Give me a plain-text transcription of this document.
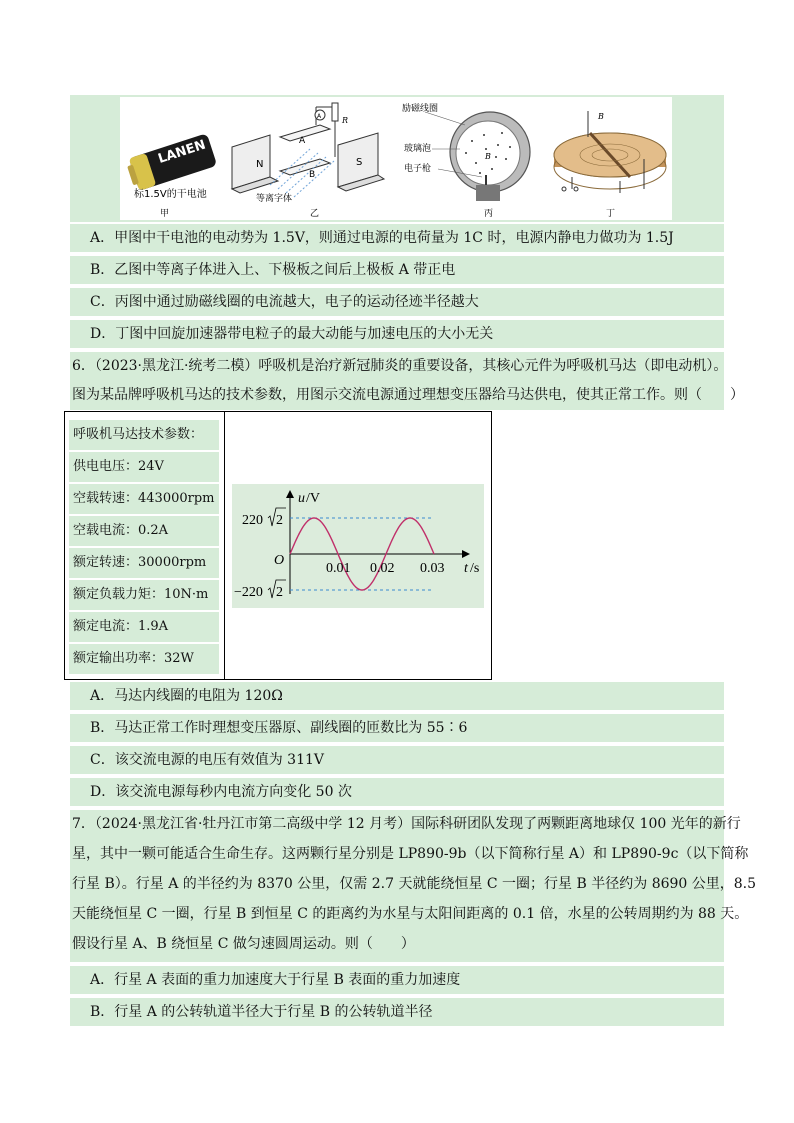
LANEN
标1.5V的干电池
甲
N	S
A
B
R
A
等离字体
乙
励磁线圈
玻璃泡
电子枪
B
丙
B
丁
A．甲图中干电池的电动势为 1.5V，则通过电源的电荷量为 1C 时，电源内静电力做功为 1.5J
B．乙图中等离子体进入上、下极板之间后上极板 A 带正电
C．丙图中通过励磁线圈的电流越大，电子的运动径迹半径越大
D．丁图中回旋加速器带电粒子的最大动能与加速电压的大小无关
6．（2023·黑龙江·统考二模）呼吸机是治疗新冠肺炎的重要设备，其核心元件为呼吸机马达（即电动机）。
图为某品牌呼吸机马达的技术参数，用图示交流电源通过理想变压器给马达供电，使其正常工作。则（　　）
呼吸机马达技术参数：
供电电压：24V
空载转速：443000rpm
空载电流：0.2A
额定转速：30000rpm
额定负载力矩：10N·m
额定电流：1.9A
额定输出功率：32W
u /V
O
220 2
−220 2
0.01 0.02 0.03 t /s
A．马达内线圈的电阻为 120Ω
B．马达正常工作时理想变压器原、副线圈的匝数比为 55∶6
C．该交流电源的电压有效值为 311V
D．该交流电源每秒内电流方向变化 50 次
7．（2024·黑龙江省·牡丹江市第二高级中学 12 月考）国际科研团队发现了两颗距离地球仅 100 光年的新行
星，其中一颗可能适合生命生存。这两颗行星分别是 LP890-9b（以下简称行星 A）和 LP890-9c（以下简称
行星 B）。行星 A 的半径约为 8370 公里，仅需 2.7 天就能绕恒星 C 一圈；行星 B 半径约为 8690 公里，8.5
天能绕恒星 C 一圈，行星 B 到恒星 C 的距离约为水星与太阳间距离的 0.1 倍，水星的公转周期约为 88 天。
假设行星 A、B 绕恒星 C 做匀速圆周运动。则（　　）
A．行星 A 表面的重力加速度大于行星 B 表面的重力加速度
B．行星 A 的公转轨道半径大于行星 B 的公转轨道半径
